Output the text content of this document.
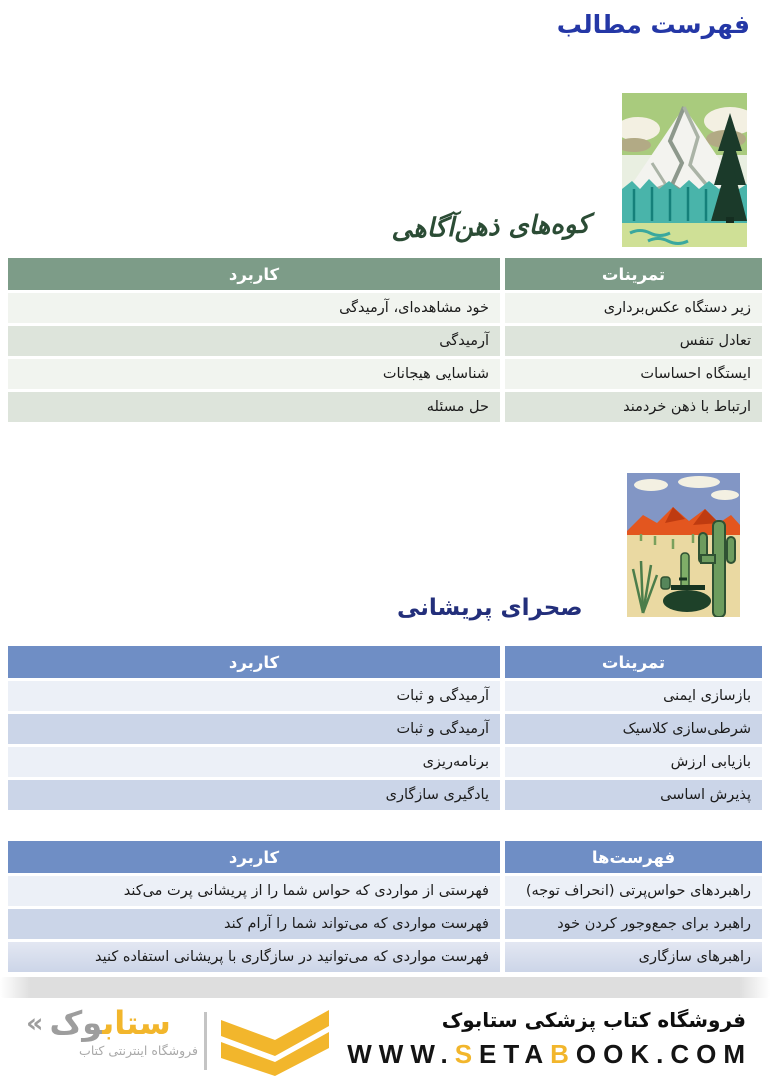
فهرست مطالب
کوه‌های ذهن‌آگاهی
تمرینات
کاربرد
زیر دستگاه عکس‌برداری
خود مشاهده‌ای، آرمیدگی
تعادل تنفس
آرمیدگی
ایستگاه احساسات
شناسایی هیجانات
ارتباط با ذهن خردمند
حل مسئله
صحرای پریشانی
تمرینات
کاربرد
بازسازی ایمنی
آرمیدگی و ثبات
شرطی‌سازی کلاسیک
آرمیدگی و ثبات
بازیابی ارزش
برنامه‌ریزی
پذیرش اساسی
یادگیری سازگاری
فهرست‌ها
کاربرد
راهبردهای حواس‌پرتی (انحراف توجه)
فهرستی از مواردی که حواس شما را از پریشانی پرت می‌کند
راهبرد برای جمع‌وجور کردن خود
فهرست مواردی که می‌تواند شما را آرام کند
راهبرهای سازگاری
فهرست مواردی که می‌توانید در سازگاری با پریشانی استفاده کنید
فروشگاه کتاب پزشکی ستابوک
WWW.SETABOOK.COM
«	ستابوک
فروشگاه اینترنتی کتاب
